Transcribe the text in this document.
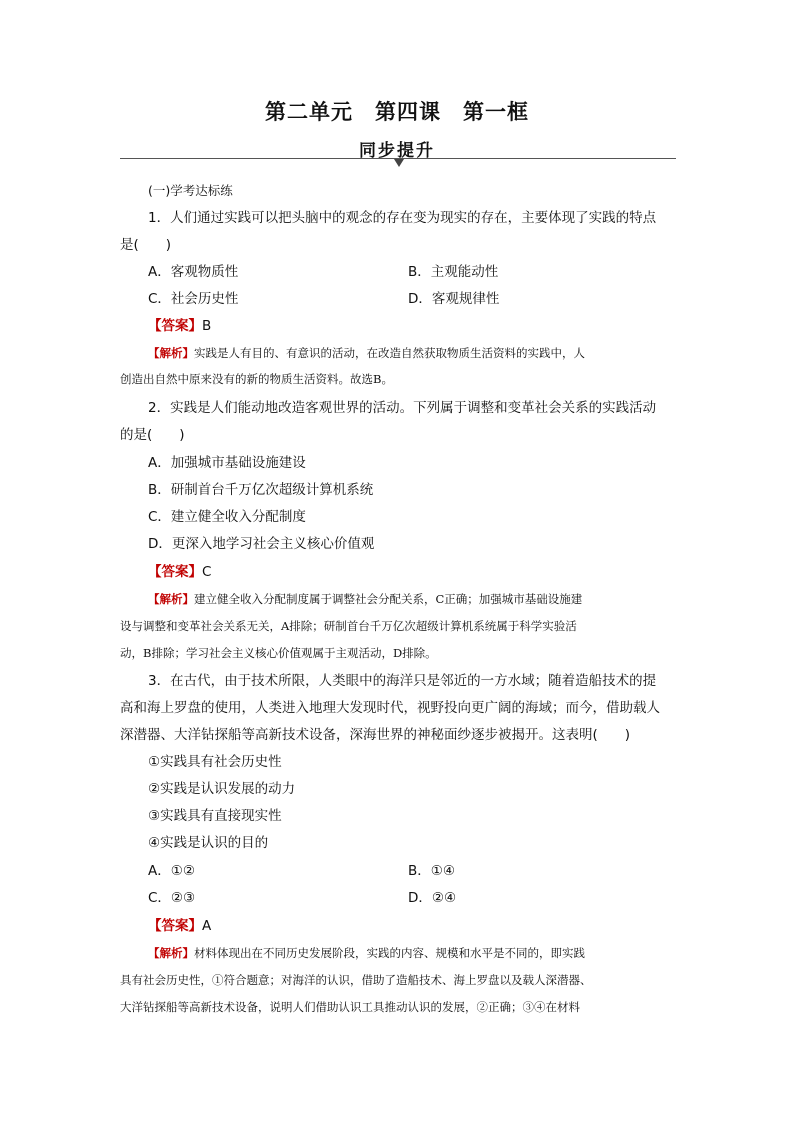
第二单元　第四课　第一框
同步提升
(一)学考达标练
1．人们通过实践可以把头脑中的观念的存在变为现实的存在，主要体现了实践的特点
是(　　)
A．客观物质性	B．主观能动性
C．社会历史性	D．客观规律性
【答案】B
【解析】实践是人有目的、有意识的活动，在改造自然获取物质生活资料的实践中，人
创造出自然中原来没有的新的物质生活资料。故选B。
2．实践是人们能动地改造客观世界的活动。下列属于调整和变革社会关系的实践活动
的是(　　)
A．加强城市基础设施建设
B．研制首台千万亿次超级计算机系统
C．建立健全收入分配制度
D．更深入地学习社会主义核心价值观
【答案】C
【解析】建立健全收入分配制度属于调整社会分配关系，C正确；加强城市基础设施建
设与调整和变革社会关系无关，A排除；研制首台千万亿次超级计算机系统属于科学实验活
动，B排除；学习社会主义核心价值观属于主观活动，D排除。
3．在古代，由于技术所限，人类眼中的海洋只是邻近的一方水域；随着造船技术的提
高和海上罗盘的使用，人类进入地理大发现时代，视野投向更广阔的海域；而今，借助载人
深潜器、大洋钻探船等高新技术设备，深海世界的神秘面纱逐步被揭开。这表明(　　)
①实践具有社会历史性
②实践是认识发展的动力
③实践具有直接现实性
④实践是认识的目的
A．①②	B．①④
C．②③	D．②④
【答案】A
【解析】材料体现出在不同历史发展阶段，实践的内容、规模和水平是不同的，即实践
具有社会历史性，①符合题意；对海洋的认识，借助了造船技术、海上罗盘以及载人深潜器、
大洋钻探船等高新技术设备，说明人们借助认识工具推动认识的发展，②正确；③④在材料
